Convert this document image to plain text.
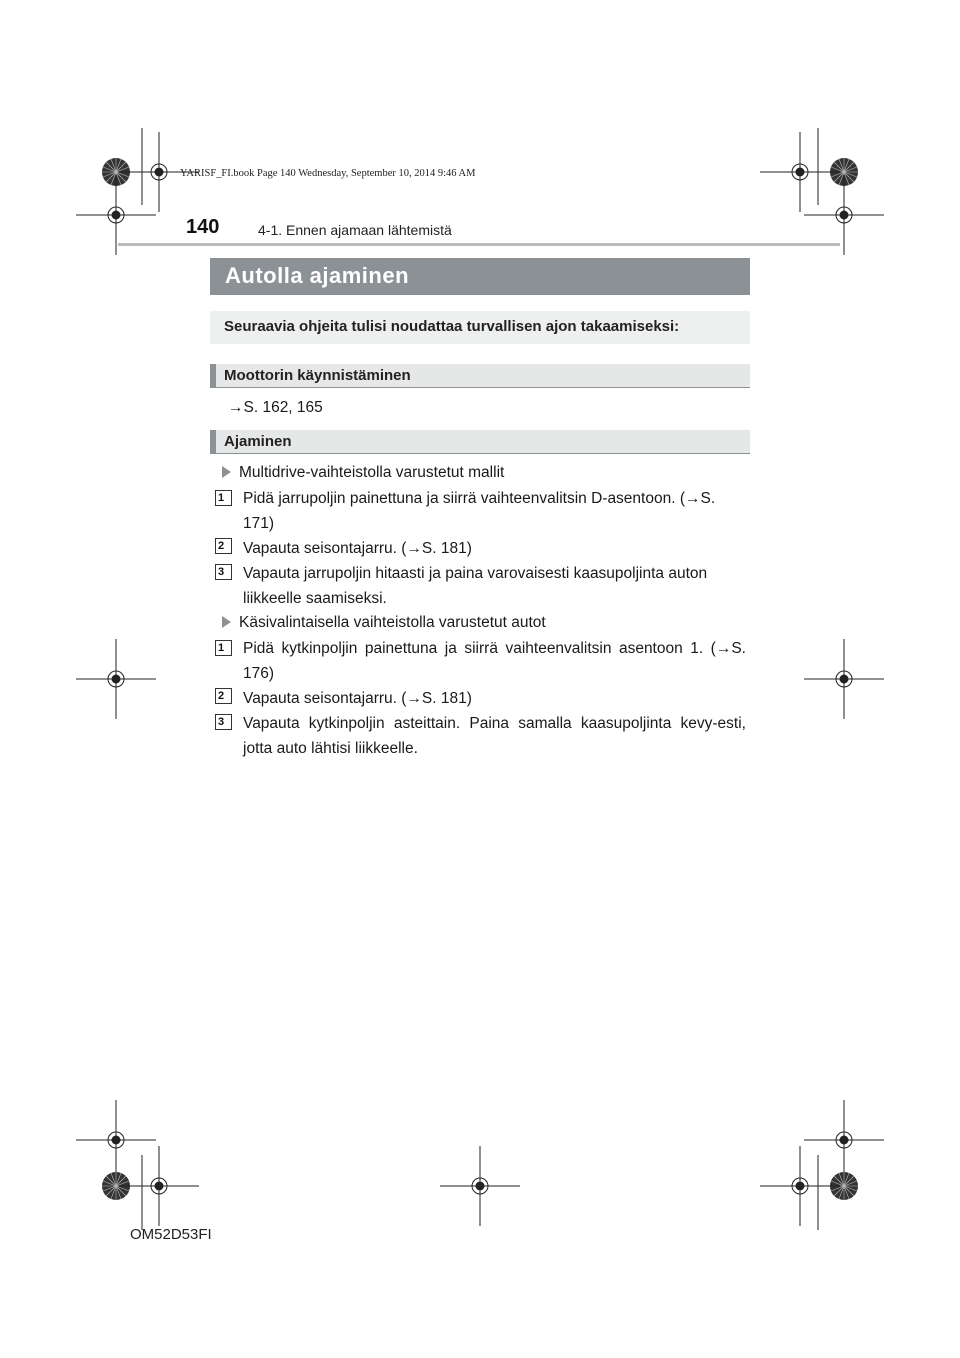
YARISF_FI.book Page 140 Wednesday, September 10, 2014 9:46 AM
140	4-1. Ennen ajamaan lähtemistä
Autolla ajaminen
Seuraavia ohjeita tulisi noudattaa turvallisen ajon takaamiseksi:
Moottorin käynnistäminen
→S. 162, 165
Ajaminen
Multidrive-vaihteistolla varustetut mallit
1	Pidä jarrupoljin painettuna ja siirrä vaihteenvalitsin D-asentoon. (→S. 171)
2	Vapauta seisontajarru. (→S. 181)
3	Vapauta jarrupoljin hitaasti ja paina varovaisesti kaasupoljinta auton liikkeelle saamiseksi.
Käsivalintaisella vaihteistolla varustetut autot
1	Pidä kytkinpoljin painettuna ja siirrä vaihteenvalitsin asentoon 1. (→S. 176)
2	Vapauta seisontajarru. (→S. 181)
3	Vapauta kytkinpoljin asteittain. Paina samalla kaasupoljinta kevy-esti, jotta auto lähtisi liikkeelle.
OM52D53FI
